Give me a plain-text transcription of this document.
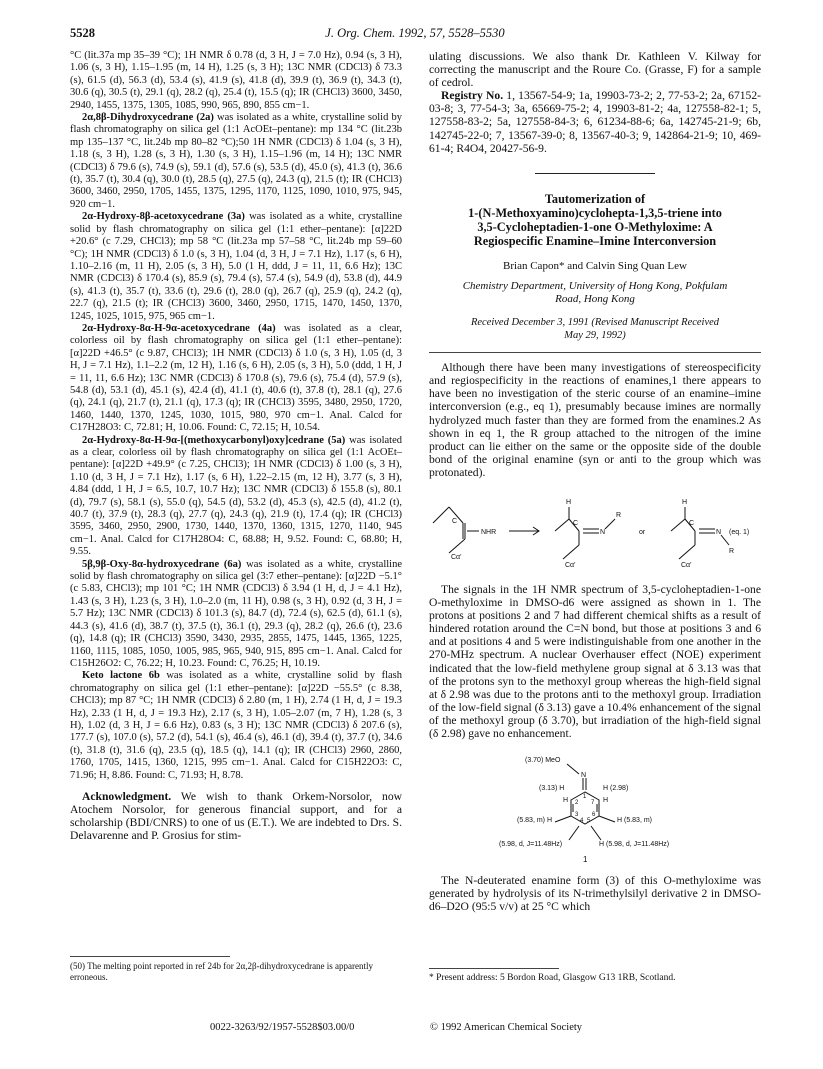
5528	J. Org. Chem. 1992, 57, 5528–5530

°C (lit.37a mp 35–39 °C); 1H NMR δ 0.78 (d, 3 H, J = 7.0 Hz), 0.94 (s, 3 H), 1.06 (s, 3 H), 1.15–1.95 (m, 14 H), 1.25 (s, 3 H); 13C NMR (CDCl3) δ 73.3 (s), 61.5 (d), 56.3 (d), 53.4 (s), 41.9 (s), 41.8 (d), 39.9 (t), 36.9 (t), 34.3 (t), 30.6 (q), 30.5 (t), 29.1 (q), 28.2 (q), 25.4 (t), 15.5 (q); IR (CHCl3) 3600, 3450, 2940, 1455, 1375, 1305, 1085, 990, 965, 890, 855 cm−1.

2α,8β-Dihydroxycedrane (2a) was isolated as a white, crystalline solid by flash chromatography on silica gel (1:1 AcOEt–pentane): mp 134 °C (lit.23b mp 135–137 °C, lit.24b mp 80–82 °C);50 1H NMR (CDCl3) δ 1.04 (s, 3 H), 1.18 (s, 3 H), 1.28 (s, 3 H), 1.30 (s, 3 H), 1.15–1.96 (m, 14 H); 13C NMR (CDCl3) δ 79.6 (s), 74.9 (s), 59.1 (d), 57.6 (s), 53.5 (d), 45.0 (s), 41.3 (t), 36.6 (t), 35.7 (t), 30.4 (q), 30.0 (t), 28.5 (q), 27.5 (q), 24.3 (q), 21.5 (t); IR (CHCl3) 3600, 3460, 2950, 1705, 1455, 1375, 1295, 1170, 1125, 1090, 1010, 975, 945, 920 cm−1.

2α-Hydroxy-8β-acetoxycedrane (3a) was isolated as a white, crystalline solid by flash chromatography on silica gel (1:1 ether–pentane): [α]22D +20.6° (c 7.29, CHCl3); mp 58 °C (lit.23a mp 57–58 °C, lit.24b mp 59–60 °C); 1H NMR (CDCl3) δ 1.0 (s, 3 H), 1.04 (d, 3 H, J = 7.1 Hz), 1.17 (s, 6 H), 1.10–2.16 (m, 11 H), 2.05 (s, 3 H), 5.0 (1 H, ddd, J = 11, 11, 6.6 Hz); 13C NMR (CDCl3) δ 170.4 (s), 85.9 (s), 79.4 (s), 57.4 (s), 54.9 (d), 53.8 (d), 44.9 (s), 41.3 (t), 35.7 (t), 33.6 (t), 29.6 (t), 28.0 (q), 26.7 (q), 25.9 (q), 24.2 (q), 22.7 (q), 21.5 (t); IR (CHCl3) 3600, 3460, 2950, 1715, 1470, 1450, 1370, 1245, 1025, 1015, 975, 965 cm−1.

2α-Hydroxy-8α-H-9α-acetoxycedrane (4a) was isolated as a clear, colorless oil by flash chromatography on silica gel (1:1 ether–pentane): [α]22D +46.5° (c 9.87, CHCl3); 1H NMR (CDCl3) δ 1.0 (s, 3 H), 1.05 (d, 3 H, J = 7.1 Hz), 1.1–2.2 (m, 12 H), 1.16 (s, 6 H), 2.05 (s, 3 H), 5.0 (ddd, 1 H, J = 11, 11, 6.6 Hz); 13C NMR (CDCl3) δ 170.8 (s), 79.6 (s), 75.4 (d), 57.9 (s), 54.8 (d), 53.1 (d), 45.1 (s), 42.4 (d), 41.1 (t), 40.6 (t), 37.8 (t), 28.1 (q), 27.6 (q), 24.1 (q), 21.7 (t), 21.1 (q), 17.3 (q); IR (CHCl3) 3595, 3480, 2950, 1720, 1460, 1440, 1370, 1245, 1030, 1015, 980, 970 cm−1. Anal. Calcd for C17H28O3: C, 72.81; H, 10.06. Found: C, 72.15; H, 10.54.

2α-Hydroxy-8α-H-9α-[(methoxycarbonyl)oxy]cedrane (5a) was isolated as a clear, colorless oil by flash chromatography on silica gel (1:1 AcOEt–pentane): [α]22D +49.9° (c 7.25, CHCl3); 1H NMR (CDCl3) δ 1.00 (s, 3 H), 1.10 (d, 3 H, J = 7.1 Hz), 1.17 (s, 6 H), 1.22–2.15 (m, 12 H), 3.77 (s, 3 H), 4.84 (ddd, 1 H, J = 6.5, 10.7, 10.7 Hz); 13C NMR (CDCl3) δ 155.8 (s), 80.1 (d), 79.7 (s), 58.1 (s), 55.0 (q), 54.5 (d), 53.2 (d), 45.3 (s), 42.5 (d), 41.2 (t), 40.7 (t), 37.9 (t), 28.3 (q), 27.7 (q), 24.3 (q), 21.9 (t), 17.4 (q); IR (CHCl3) 3595, 3460, 2950, 2900, 1730, 1440, 1370, 1360, 1315, 1270, 1140, 945 cm−1. Anal. Calcd for C17H28O4: C, 68.88; H, 9.52. Found: C, 68.80; H, 9.55.

5β,9β-Oxy-8α-hydroxycedrane (6a) was isolated as a white, crystalline solid by flash chromatography on silica gel (3:7 ether–pentane): [α]22D −5.1° (c 5.83, CHCl3); mp 101 °C; 1H NMR (CDCl3) δ 3.94 (1 H, d, J = 4.1 Hz), 1.43 (s, 3 H), 1.23 (s, 3 H), 1.0–2.0 (m, 11 H), 0.98 (s, 3 H), 0.92 (d, 3 H, J = 5.7 Hz); 13C NMR (CDCl3) δ 101.3 (s), 84.7 (d), 72.4 (s), 62.5 (d), 61.1 (s), 44.3 (s), 41.6 (d), 38.7 (t), 37.5 (t), 36.1 (t), 29.3 (q), 28.2 (q), 26.6 (t), 23.6 (q), 14.8 (q); IR (CHCl3) 3590, 3430, 2935, 2855, 1475, 1445, 1365, 1225, 1160, 1115, 1085, 1050, 1005, 985, 965, 940, 915, 895 cm−1. Anal. Calcd for C15H26O2: C, 76.22; H, 10.23. Found: C, 76.25; H, 10.19.

Keto lactone 6b was isolated as a white, crystalline solid by flash chromatography on silica gel (1:1 ether–pentane): [α]22D −55.5° (c 8.38, CHCl3); mp 87 °C; 1H NMR (CDCl3) δ 2.80 (m, 1 H), 2.74 (1 H, d, J = 19.3 Hz), 2.33 (1 H, d, J = 19.3 Hz), 2.17 (s, 3 H), 1.05–2.07 (m, 7 H), 1.28 (s, 3 H), 1.02 (d, 3 H, J = 6.6 Hz), 0.83 (s, 3 H); 13C NMR (CDCl3) δ 207.6 (s), 177.7 (s), 107.0 (s), 57.2 (d), 54.1 (s), 46.4 (s), 46.1 (d), 39.4 (t), 37.7 (t), 34.6 (t), 31.8 (t), 31.6 (q), 23.5 (q), 18.5 (q), 14.1 (q); IR (CHCl3) 2960, 2860, 1760, 1705, 1415, 1360, 1215, 995 cm−1. Anal. Calcd for C15H22O3: C, 71.96; H, 8.86. Found: C, 71.93; H, 8.78.

Acknowledgment. We wish to thank Orkem-Norsolor, now Atochem Norsolor, for generous financial support, and for a scholarship (BDI/CNRS) to one of us (E.T.). We are indebted to Drs. S. Delavarenne and P. Grosius for stim-

ulating discussions. We also thank Dr. Kathleen V. Kilway for correcting the manuscript and the Roure Co. (Grasse, F) for a sample of cedrol.

Registry No. 1, 13567-54-9; 1a, 19903-73-2; 2, 77-53-2; 2a, 67152-03-8; 3, 77-54-3; 3a, 65669-75-2; 4, 19903-81-2; 4a, 127558-82-1; 5, 127558-83-2; 5a, 127558-84-3; 6, 61234-88-6; 6a, 142745-21-9; 6b, 142745-22-0; 7, 13567-39-0; 8, 13567-40-3; 9, 142864-21-9; 10, 469-61-4; R4O4, 20427-56-9.

Tautomerization of
1-(N-Methoxyamino)cyclohepta-1,3,5-triene into
3,5-Cycloheptadien-1-one O-Methyloxime: A
Regiospecific Enamine–Imine Interconversion
Brian Capon* and Calvin Sing Quan Lew
Chemistry Department, University of Hong Kong, Pokfulam
Road, Hong Kong
Received December 3, 1991 (Revised Manuscript Received
May 29, 1992)

Although there have been many investigations of stereospecificity and regiospecificity in the reactions of enamines,1 there appears to have been no investigation of the steric course of an enamine–imine interconversion (e.g., eq 1), presumably because imines are normally hydrolyzed much faster than they are formed from the enamines.2 As shown in eq 1, the R group attached to the nitrogen of the imine product can lie either on the same or the opposite side of the double bond of the original enamine (syn or anti to the group which was protonated).

C
NHR
Cα'
H
C
N
R
Cα'
or
H
C
N
R
Cα'
(eq. 1)

The signals in the 1H NMR spectrum of 3,5-cycloheptadien-1-one O-methyloxime in DMSO-d6 were assigned as shown in 1. The protons at positions 2 and 7 had different chemical shifts as a result of hindered rotation around the C=N bond, but those at positions 3 and 6 and at positions 4 and 5 were indistinguishable from one another in the 270-MHz spectrum. A nuclear Overhauser effect (NOE) experiment indicated that the low-field methylene group signal at δ 3.13 was that of the protons syn to the methoxyl group whereas the high-field signal at δ 2.98 was due to the protons anti to the methoxyl group. Irradiation of the low-field signal (δ 3.13) gave a 10.4% enhancement of the signal of the methoxyl group (δ 3.70), but irradiation of the high-field signal (δ 2.98) gave no enhancement.

(3.70) MeO
N
(3.13) H	H (2.98)
H	H
(5.83, m) H	H (5.83, m)
(5.98, d, J=11.48Hz)	H (5.98, d, J=11.48Hz)
1
2 7
3 6
4 5
1

The N-deuterated enamine form (3) of this O-methyloxime was generated by hydrolysis of its N-trimethylsilyl derivative 2 in DMSO-d6–D2O (95:5 v/v) at 25 °C which

(50) The melting point reported in ref 24b for 2α,2β-dihydroxycedrane is apparently erroneous.	* Present address: 5 Bordon Road, Glasgow G13 1RB, Scotland.
0022-3263/92/1957-5528$03.00/0	© 1992 American Chemical Society
